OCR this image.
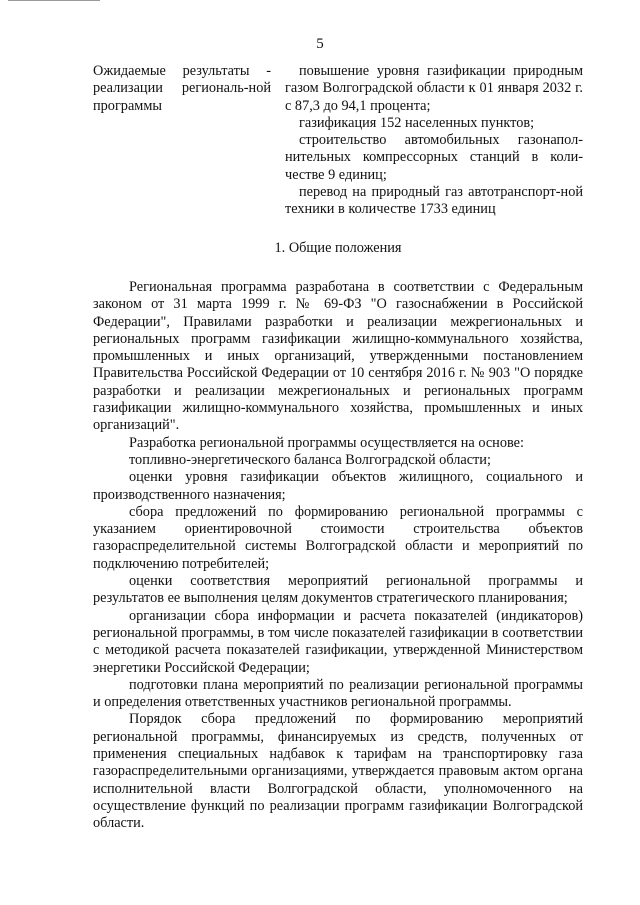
5
Ожидаемые результаты - реализации региональ-ной программы

повышение уровня газификации природным газом Волгоградской области к 01 января 2032 г. с 87,3 до 94,1 процента;

газификация 152 населенных пунктов;

строительство автомобильных газонапол-нительных компрессорных станций в коли-честве 9 единиц;

перевод на природный газ автотранспорт-ной техники в количестве 1733 единиц

1. Общие положения

Региональная программа разработана в соответствии с Федеральным законом от 31 марта 1999 г. № 69-ФЗ "О газоснабжении в Российской Федерации", Правилами разработки и реализации межрегиональных и региональных программ газификации жилищно-коммунального хозяйства, промышленных и иных организаций, утвержденными постановлением Правительства Российской Федерации от 10 сентября 2016 г. № 903 "О порядке разработки и реализации межрегиональных и региональных программ газификации жилищно-коммунального хозяйства, промышленных и иных организаций".

Разработка региональной программы осуществляется на основе:

топливно-энергетического баланса Волгоградской области;

оценки уровня газификации объектов жилищного, социального и производственного назначения;

сбора предложений по формированию региональной программы с указанием ориентировочной стоимости строительства объектов газораспределительной системы Волгоградской области и мероприятий по подключению потребителей;

оценки соответствия мероприятий региональной программы и результатов ее выполнения целям документов стратегического планирования;

организации сбора информации и расчета показателей (индикаторов) региональной программы, в том числе показателей газификации в соответствии с методикой расчета показателей газификации, утвержденной Министерством энергетики Российской Федерации;

подготовки плана мероприятий по реализации региональной программы и определения ответственных участников региональной программы.

Порядок сбора предложений по формированию мероприятий региональной программы, финансируемых из средств, полученных от применения специальных надбавок к тарифам на транспортировку газа газораспределительными организациями, утверждается правовым актом органа исполнительной власти Волгоградской области, уполномоченного на осуществление функций по реализации программ газификации Волгоградской области.
